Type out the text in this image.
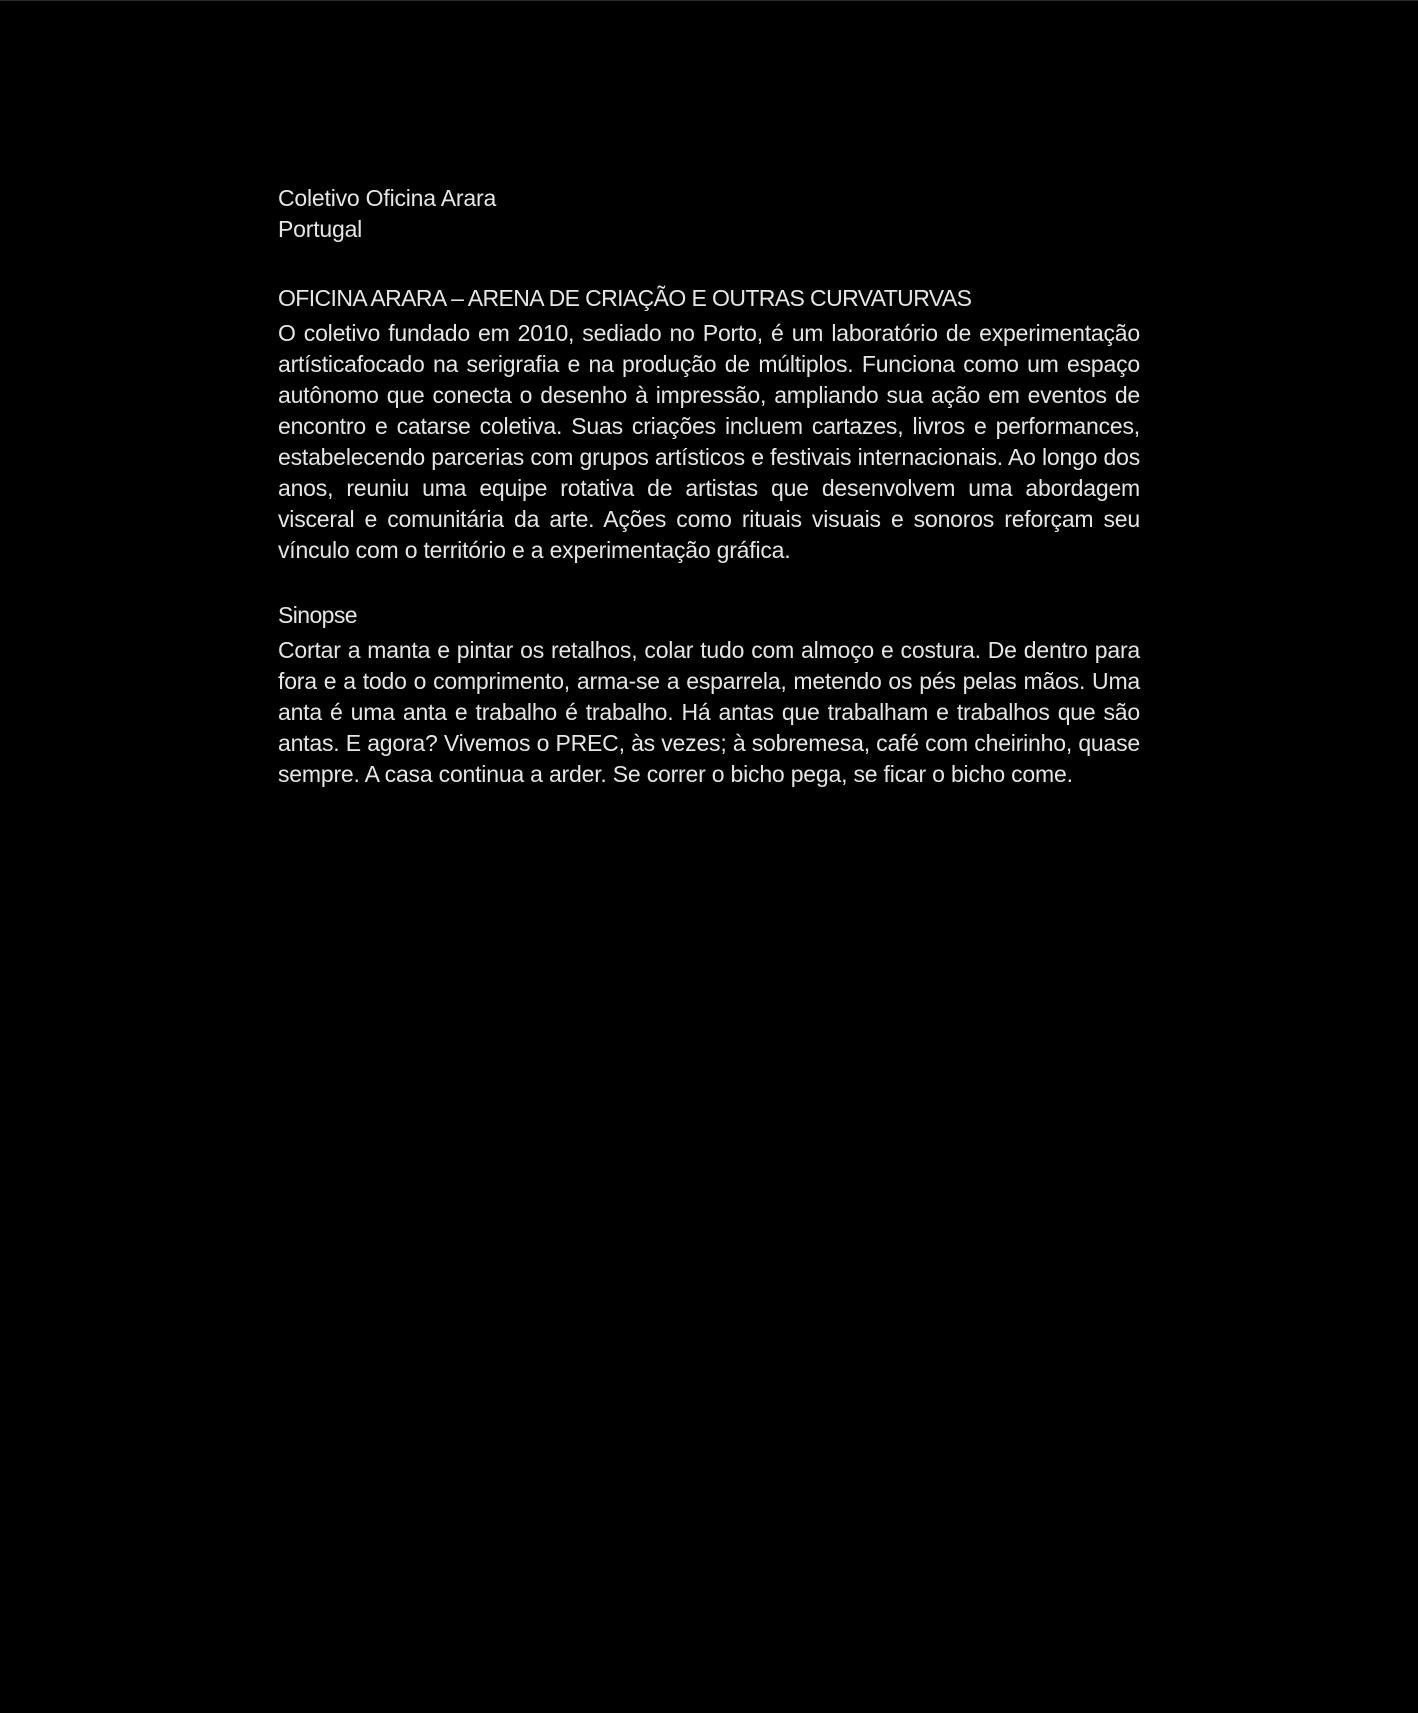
Coletivo Oficina Arara
Portugal
OFICINA ARARA – ARENA DE CRIAÇÃO E OUTRAS CURVATURVAS

O coletivo fundado em 2010, sediado no Porto, é um laboratório de experimentação artísticafocado na serigrafia e na produção de múltiplos. Funciona como um espaço autônomo que conecta o desenho à impressão, ampliando sua ação em eventos de encontro e catarse coletiva. Suas criações incluem cartazes, livros e performances, estabelecendo parcerias com grupos artísticos e festivais internacionais. Ao longo dos anos, reuniu uma equipe rotativa de artistas que desenvolvem uma abordagem visceral e comunitária da arte. Ações como rituais visuais e sonoros reforçam seu vínculo com o território e a experimentação gráfica.

Sinopse

Cortar a manta e pintar os retalhos, colar tudo com almoço e costura. De dentro para fora e a todo o comprimento, arma-se a esparrela, metendo os pés pelas mãos. Uma anta é uma anta e trabalho é trabalho. Há antas que trabalham e trabalhos que são antas. E agora? Vivemos o PREC, às vezes; à sobremesa, café com cheirinho, quase sempre. A casa continua a arder. Se correr o bicho pega, se ficar o bicho come.
